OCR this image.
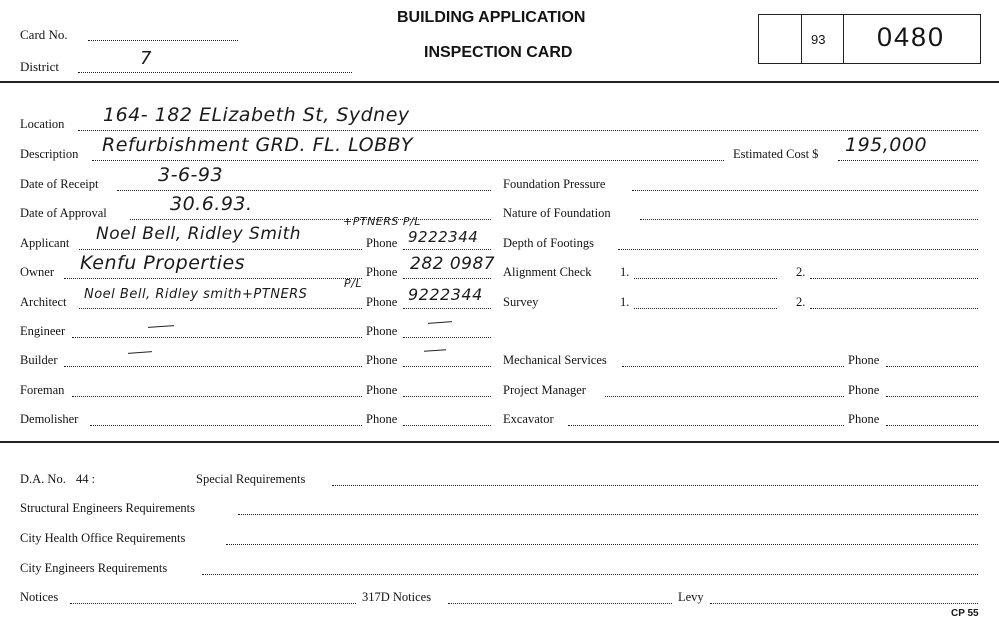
Card No.
District	7
BUILDING APPLICATION
INSPECTION CARD
93 0480
Location 164- 182 ELizabeth St, Sydney
Description Refurbishment GRD. FL. LOBBY	Estimated Cost $ 195,000
Date of Receipt	3-6-93
Date of Approval	30.6.93.
Applicant Noel Bell, Ridley Smith
+PTNERS P/L
Phone 9222344
Owner Kenfu Properties	Phone 282 0987
Architect Noel Bell, Ridley smith+PTNERS
P/L
Phone 9222344
Engineer	Phone
Builder	Phone
Foreman	Phone
Demolisher	Phone
Foundation Pressure
Nature of Foundation
Depth of Footings
Alignment Check 1.	2.
Survey	1.	2.
Mechanical Services	Phone
Project Manager	Phone
Excavator	Phone
D.A. No. 44 :	Special Requirements
Structural Engineers Requirements
City Health Office Requirements
City Engineers Requirements
Notices	317D Notices	Levy
CP 55
